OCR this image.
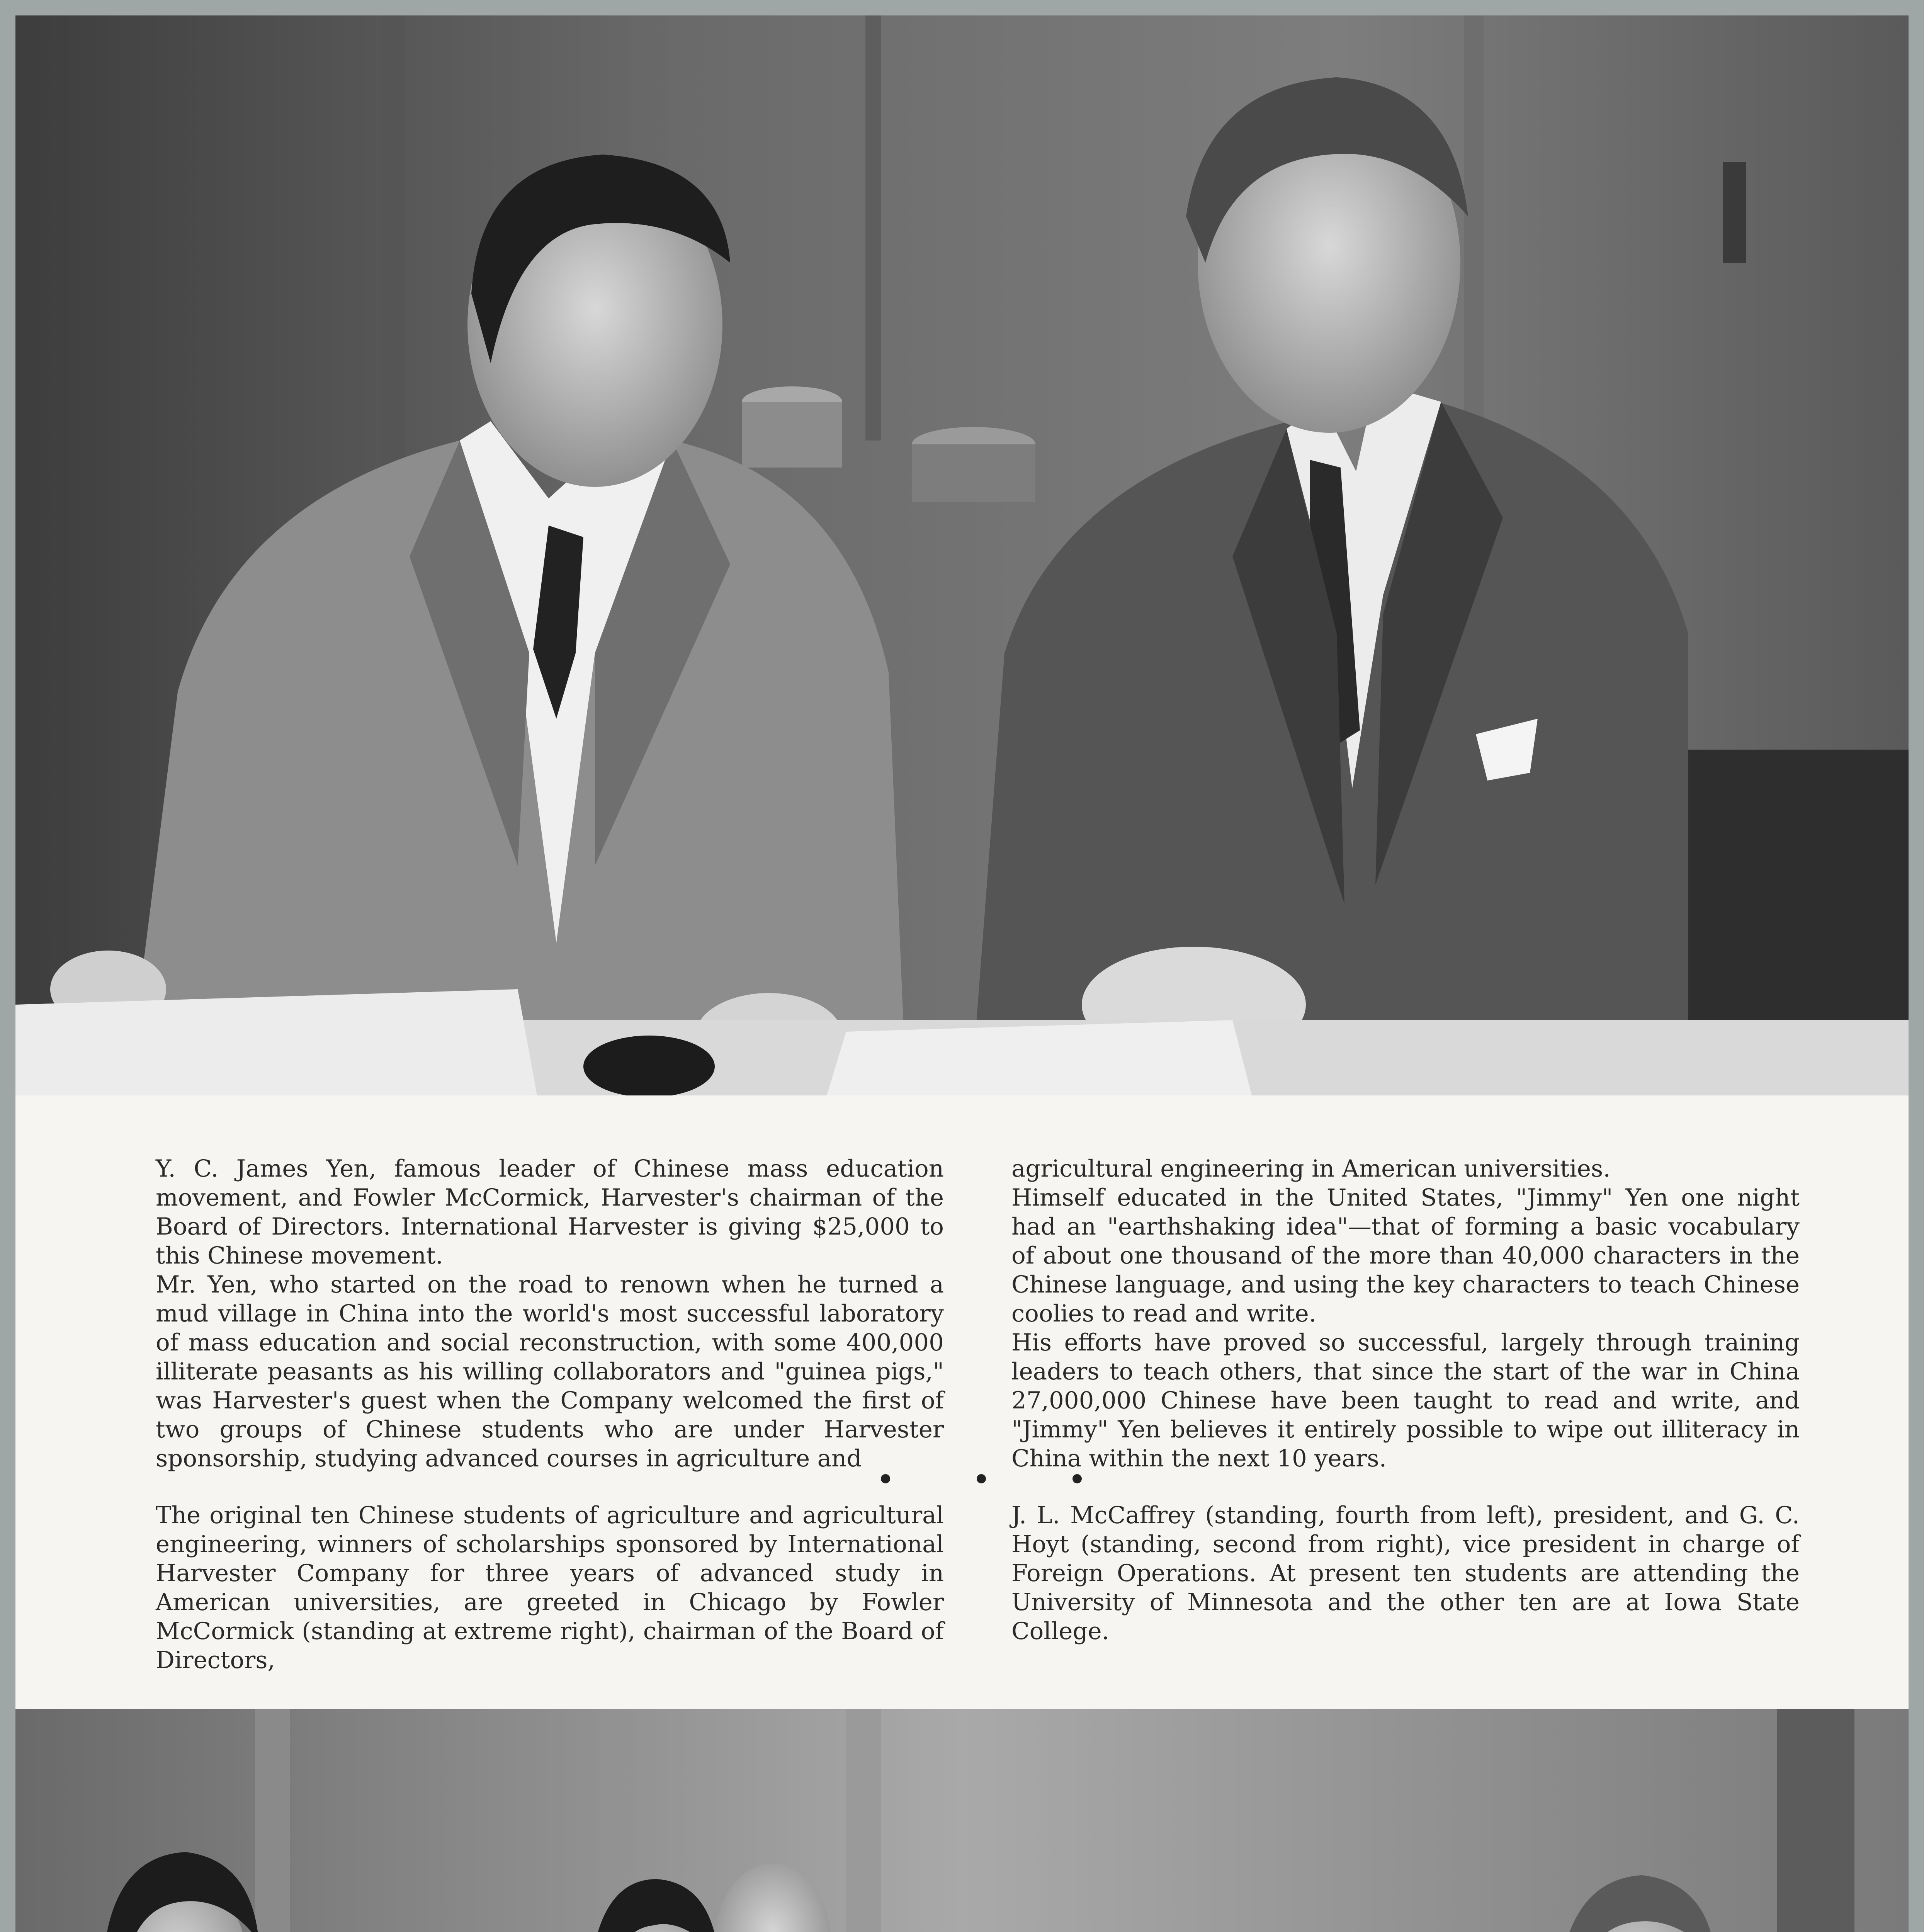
Y. C. James Yen, famous leader of Chinese mass education movement, and Fowler McCormick, Harvester's chairman of the Board of Directors. International Harvester is giving $25,000 to this Chinese movement.

Mr. Yen, who started on the road to renown when he turned a mud village in China into the world's most successful laboratory of mass education and social reconstruction, with some 400,000 illiterate peasants as his willing collaborators and "guinea pigs," was Harvester's guest when the Company welcomed the first of two groups of Chinese students who are under Harvester sponsorship, studying advanced courses in agriculture and

agricultural engineering in American universities.

Himself educated in the United States, "Jimmy" Yen one night had an "earthshaking idea"—that of forming a basic vocabulary of about one thousand of the more than 40,000 characters in the Chinese language, and using the key characters to teach Chinese coolies to read and write.

His efforts have proved so successful, largely through training leaders to teach others, that since the start of the war in China 27,000,000 Chinese have been taught to read and write, and "Jimmy" Yen believes it entirely possible to wipe out illiteracy in China within the next 10 years.

The original ten Chinese students of agriculture and agricultural engineering, winners of scholarships sponsored by International Harvester Company for three years of advanced study in American universities, are greeted in Chicago by Fowler McCormick (standing at extreme right), chairman of the Board of Directors,

J. L. McCaffrey (standing, fourth from left), president, and G. C. Hoyt (standing, second from right), vice president in charge of Foreign Operations. At present ten students are attending the University of Minnesota and the other ten are at Iowa State College.
